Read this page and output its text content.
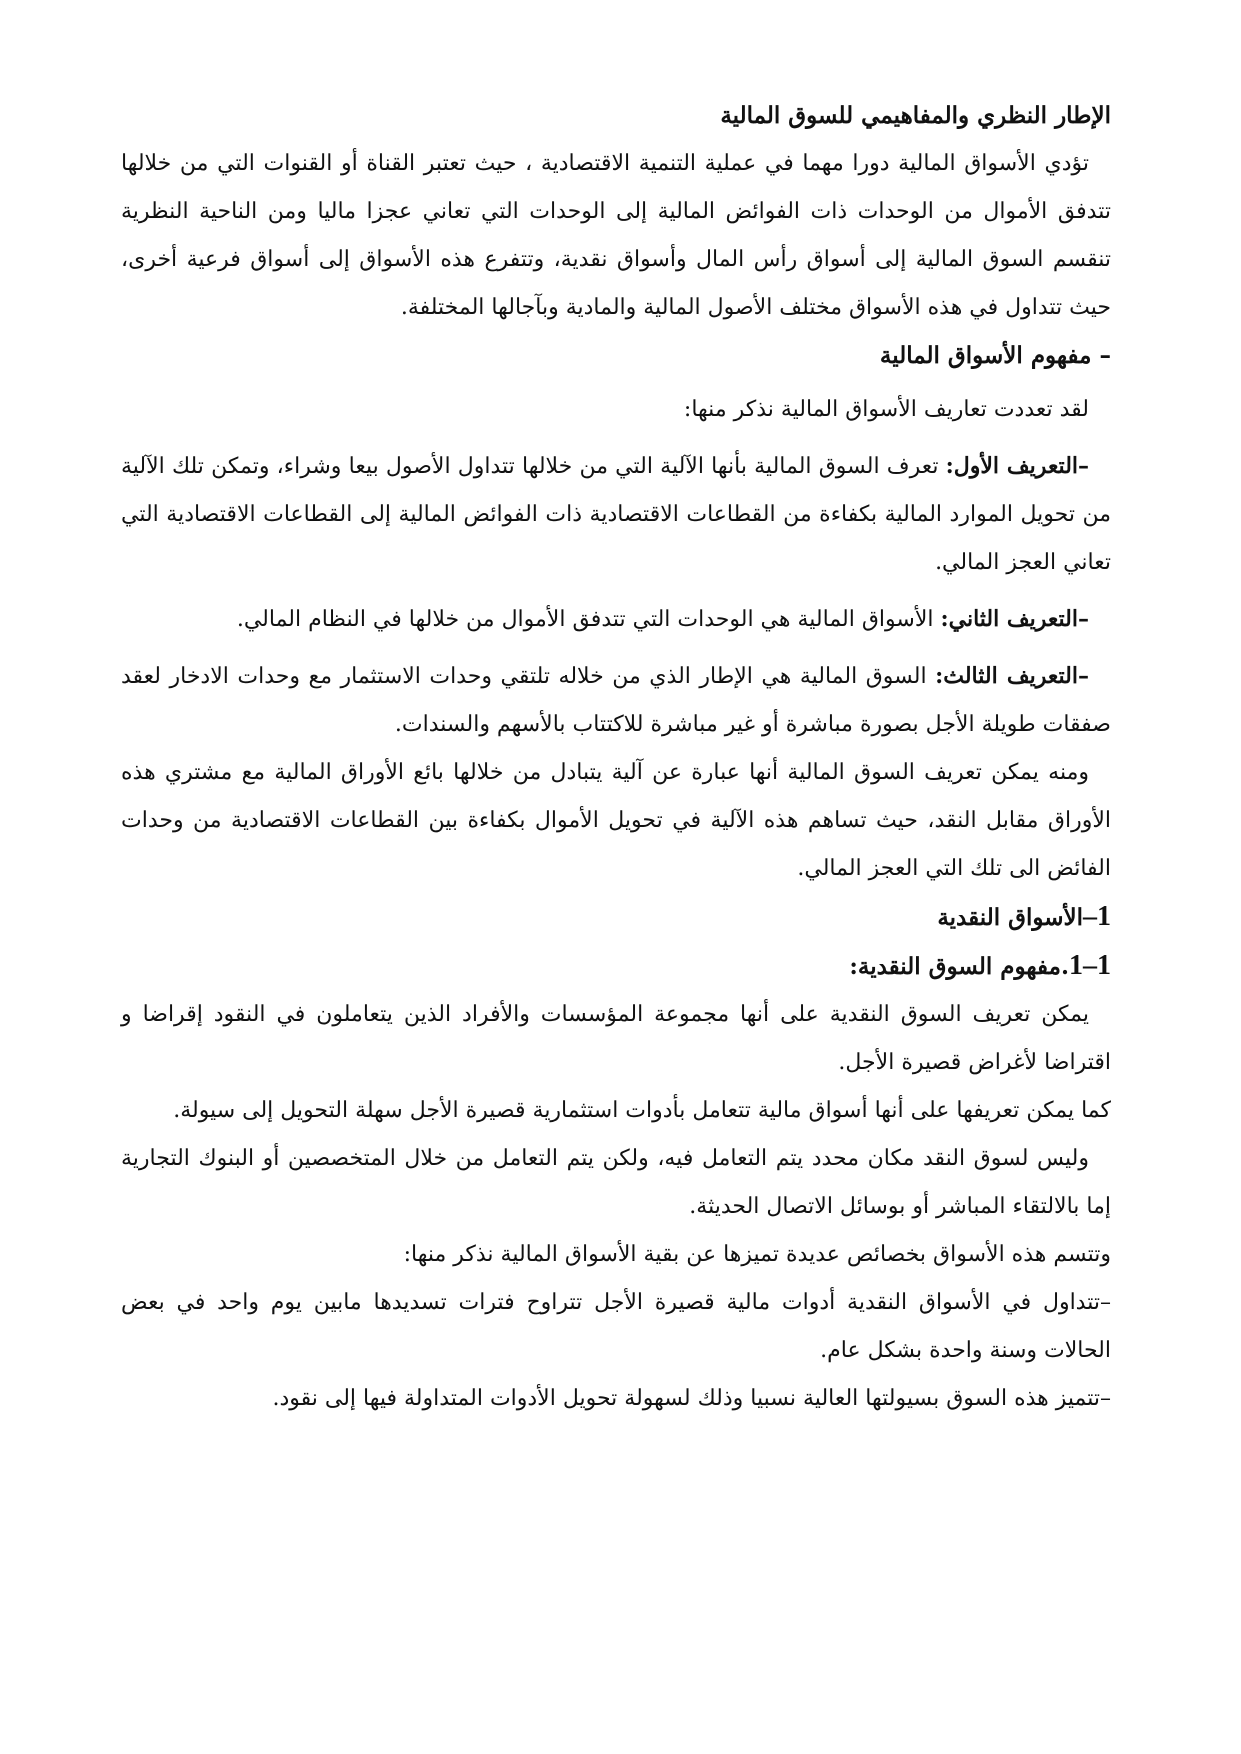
الإطار النظري والمفاهيمي للسوق المالية

تؤدي الأسواق المالية دورا مهما في عملية التنمية الاقتصادية ، حيث تعتبر القناة أو القنوات التي من خلالها تتدفق الأموال من الوحدات ذات الفوائض المالية إلى الوحدات التي تعاني عجزا ماليا ومن الناحية النظرية تنقسم السوق المالية إلى أسواق رأس المال وأسواق نقدية، وتتفرع هذه الأسواق إلى أسواق فرعية أخرى، حيث تتداول في هذه الأسواق مختلف الأصول المالية والمادية وبآجالها المختلفة.

– مفهوم الأسواق المالية

لقد تعددت تعاريف الأسواق المالية نذكر منها:

–التعريف الأول: تعرف السوق المالية بأنها الآلية التي من خلالها تتداول الأصول بيعا وشراء، وتمكن تلك الآلية من تحويل الموارد المالية بكفاءة من القطاعات الاقتصادية ذات الفوائض المالية إلى القطاعات الاقتصادية التي تعاني العجز المالي.

–التعريف الثاني: الأسواق المالية هي الوحدات التي تتدفق الأموال من خلالها في النظام المالي.

–التعريف الثالث: السوق المالية هي الإطار الذي من خلاله تلتقي وحدات الاستثمار مع وحدات الادخار لعقد صفقات طويلة الأجل بصورة مباشرة أو غير مباشرة للاكتتاب بالأسهم والسندات.

ومنه يمكن تعريف السوق المالية أنها عبارة عن آلية يتبادل من خلالها بائع الأوراق المالية مع مشتري هذه الأوراق مقابل النقد، حيث تساهم هذه الآلية في تحويل الأموال بكفاءة بين القطاعات الاقتصادية من وحدات الفائض الى تلك التي العجز المالي.

1–الأسواق النقدية

1–1.مفهوم السوق النقدية:

يمكن تعريف السوق النقدية على أنها مجموعة المؤسسات والأفراد الذين يتعاملون في النقود إقراضا و اقتراضا لأغراض قصيرة الأجل.

كما يمكن تعريفها على أنها أسواق مالية تتعامل بأدوات استثمارية قصيرة الأجل سهلة التحويل إلى سيولة.

وليس لسوق النقد مكان محدد يتم التعامل فيه، ولكن يتم التعامل من خلال المتخصصين أو البنوك التجارية إما بالالتقاء المباشر أو بوسائل الاتصال الحديثة.

وتتسم هذه الأسواق بخصائص عديدة تميزها عن بقية الأسواق المالية نذكر منها:

–تتداول في الأسواق النقدية أدوات مالية قصيرة الأجل تتراوح فترات تسديدها مابين يوم واحد في بعض الحالات وسنة واحدة بشكل عام.

–تتميز هذه السوق بسيولتها العالية نسبيا وذلك لسهولة تحويل الأدوات المتداولة فيها إلى نقود.
